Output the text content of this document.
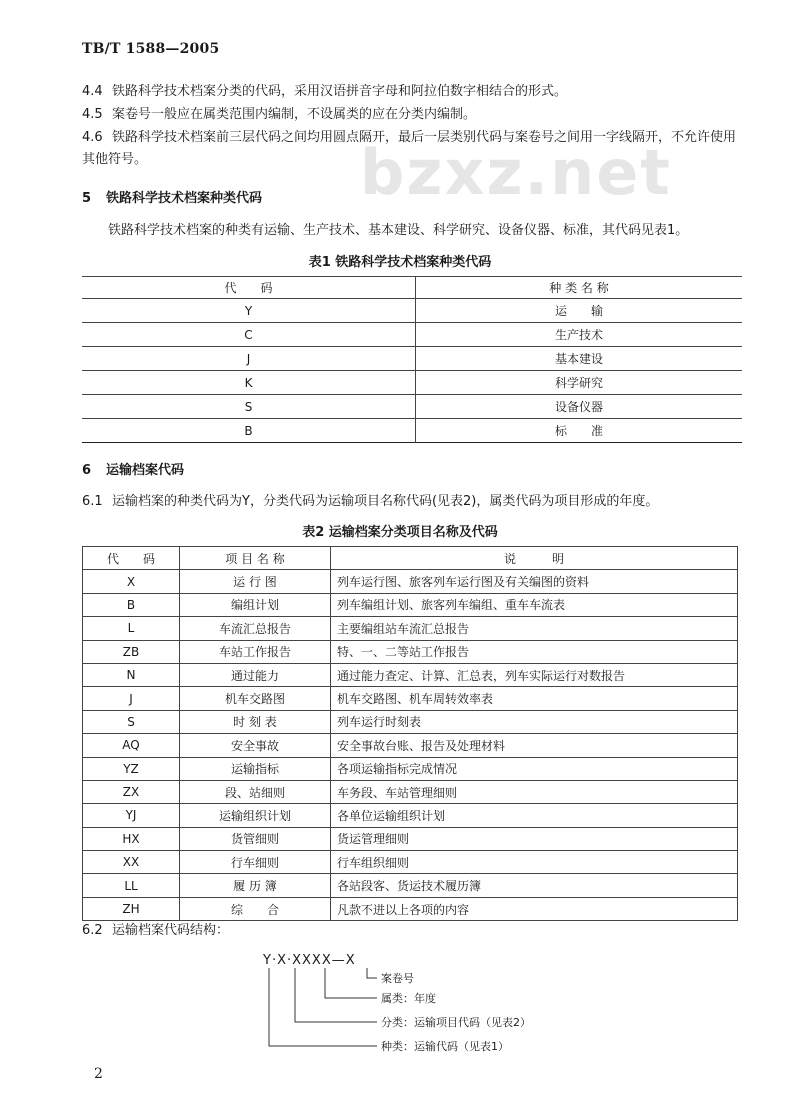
TB/T 1588—2005
bzxz.net
4.4 铁路科学技术档案分类的代码，采用汉语拼音字母和阿拉伯数字相结合的形式。
4.5 案卷号一般应在属类范围内编制，不设属类的应在分类内编制。
4.6 铁路科学技术档案前三层代码之间均用圆点隔开，最后一层类别代码与案卷号之间用一字线隔开，不允许使用其他符号。
5 铁路科学技术档案种类代码
铁路科学技术档案的种类有运输、生产技术、基本建设、科学研究、设备仪器、标准，其代码见表1。
表1 铁路科学技术档案种类代码
代　　码	种 类 名 称
Y	运　　输
C	生产技术
J	基本建设
K	科学研究
S	设备仪器
B	标　　准
6 运输档案代码
6.1 运输档案的种类代码为Y，分类代码为运输项目名称代码(见表2)，属类代码为项目形成的年度。
表2 运输档案分类项目名称及代码
代　　码	项 目 名 称	说　　　明
X	运 行 图	列车运行图、旅客列车运行图及有关编图的资料
B	编组计划	列车编组计划、旅客列车编组、重车车流表
L	车流汇总报告	主要编组站车流汇总报告
ZB	车站工作报告	特、一、二等站工作报告
N	通过能力	通过能力查定、计算、汇总表，列车实际运行对数报告
J	机车交路图	机车交路图、机车周转效率表
S	时 刻 表	列车运行时刻表
AQ	安全事故	安全事故台账、报告及处理材料
YZ	运输指标	各项运输指标完成情况
ZX	段、站细则	车务段、车站管理细则
YJ	运输组织计划	各单位运输组织计划
HX	货管细则	货运管理细则
XX	行车细则	行车组织细则
LL	履 历 簿	各站段客、货运技术履历簿
ZH	综　　合	凡款不进以上各项的内容
6.2 运输档案代码结构：
Y·X·XXXX—X
案卷号
属类：年度
分类：运输项目代码（见表2）
种类：运输代码（见表1）
2
